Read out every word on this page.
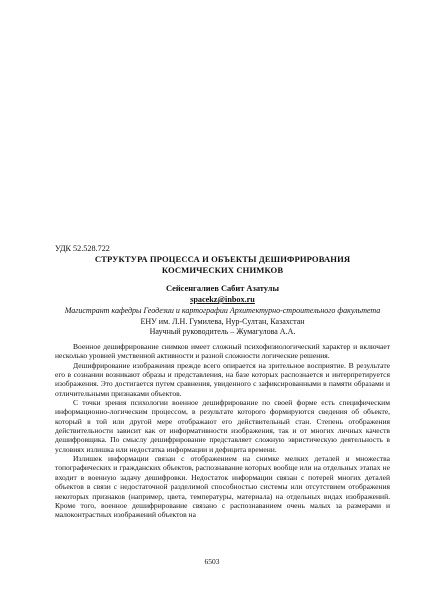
УДК 52.528.722
СТРУКТУРА ПРОЦЕССА И ОБЪЕКТЫ ДЕШИФРИРОВАНИЯ
КОСМИЧЕСКИХ СНИМКОВ
Сейсенгалиев Сабит Азатулы
spacekz@inbox.ru
Магистрант кафедры Геодезии и картографии Архитектурно-строительного факультета
ЕНУ им. Л.Н. Гумилева, Нур-Султан, Казахстан
Научный руководитель – Жумагулова А.А.

Военное дешифрирование снимков имеет сложный психофизиологический характер и включает несколько уровней умственной активности и разной сложности логические решения.

Дешифрирование изображения прежде всего опирается на зрительное восприятие. В результате его в сознании возникают образы и представления, на базе которых распознается и интерпретируется изображения. Это достигается путем сравнения, увиденного с зафиксированными в памяти образами и отличительными признаками объектов.

С точки зрения психологии военное дешифрирование по своей форме есть специфическим информационно-логическим процессом, в результате которого формируются сведения об объекте, который в той или другой мере отображают его действительный стан. Степень отображения действительности зависит как от информативности изображения, так и от многих личных качеств дешифровщика. По смыслу дешифрирование представляет сложную эвристическую деятельность в условиях излишка или недостатка информации и дефицита времени.

Излишек информации связан с отображением на снимке мелких деталей и множества топографических и гражданских объектов, распознавание которых вообще или на отдельных этапах не входит в военную задачу дешифровки. Недостаток информации связан с потерей многих деталей объектов в связи с недостаточной разделимой способностью системы или отсутствием отображения некоторых признаков (например, цвета, температуры, материала) на отдельных видах изображений. Кроме того, военное дешифрирование связано с распознаванием очень малых за размерами и малоконтрастных изображений объектов на

6503
